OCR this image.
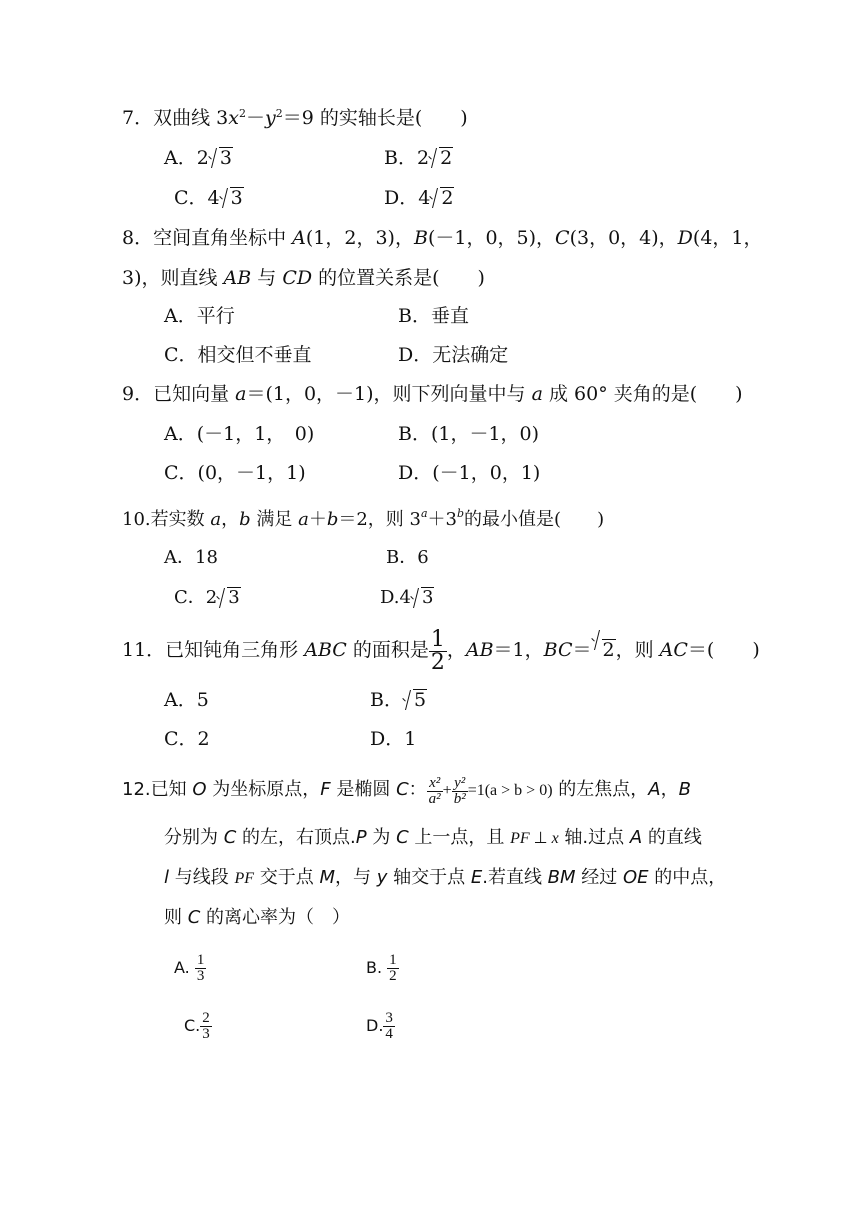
7．双曲线 $3x^2-y^2=9$ 的实轴长是(　　)
A．2 3	B．2 2
C．4 3	D．4 2
8．空间直角坐标中 A(1，2，3)，B(－1，0，5)，C(3，0，4)，D(4，1，
3)，则直线 AB 与 CD 的位置关系是(　　)
A．平行	B．垂直
C．相交但不垂直	D．无法确定
9．已知向量 a＝(1，0，－1)，则下列向量中与 a 成 60° 夹角的是(　　)
A．(－1，1，　0)	B．(1，－1，0)
C．(0，－1，1)	D．(－1，0，1)
10.若实数 a，b 满足 a＋b＝2，则 $3^a+3^b$的最小值是(　　)
A．18	B．6
C．2 3	D.4 3
11．已知钝角三角形 ABC 的面积是 $\frac{1}{2}$ ，AB＝1，BC＝ 2，则 AC＝(　　)
A．5	B． 5
C．2	D．1
12.已知 O 为坐标原点，F 是椭圆 C： $\frac{\text{x²}}{\text{a²}} + \frac{\text{y²}}{\text{b²}} =1(a > b > 0)$ 的左焦点，A，B
分别为 C 的左，右顶点.P 为 C 上一点，且 PF ⊥ x 轴.过点 A 的直线
l 与线段 PF 交于点 M，与 y 轴交于点 E.若直线 BM 经过 OE 的中点，
则 C 的离心率为（　）
A. $\frac{1}{3}$	B. $\frac{1}{2}$
C. $\frac{2}{3}$	D. $\frac{3}{4}$
